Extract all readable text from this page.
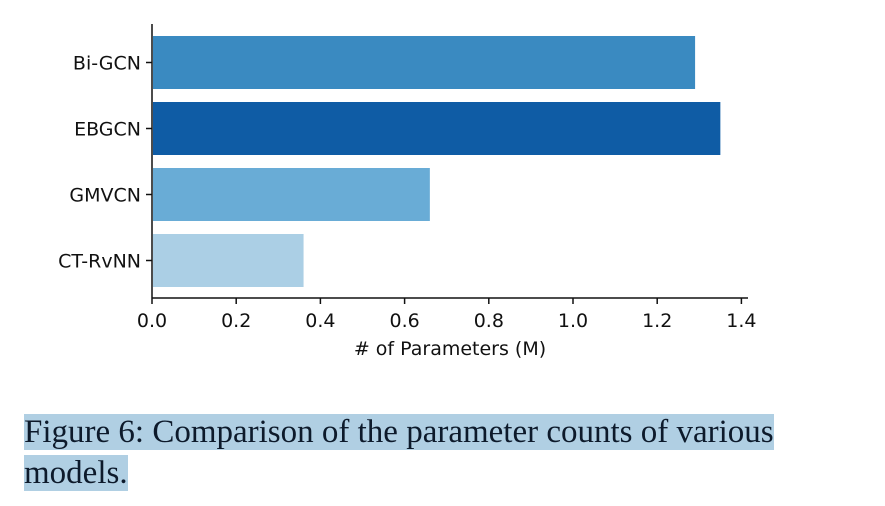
Bi-GCN
EBGCN
GMVCN
CT-RvNN
0.0	0.2	0.4	0.6	0.8	1.0	1.2	1.4
# of Parameters (M)

Figure 6: Comparison of the parameter counts of various models.
